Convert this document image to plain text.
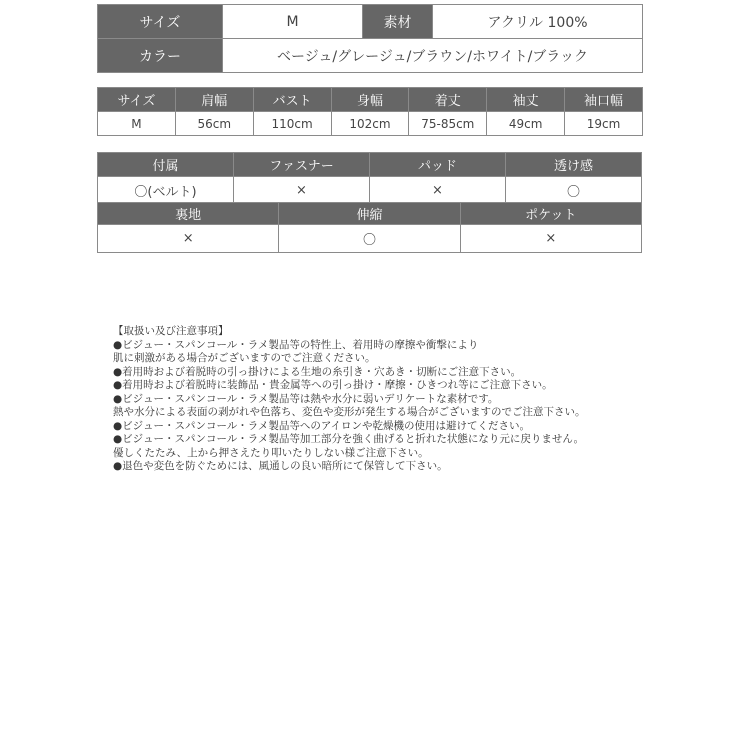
サイズ	M	素材	アクリル 100%
カラー	ベージュ/グレージュ/ブラウン/ホワイト/ブラック		
サイズ	肩幅	バスト	身幅	着丈	袖丈	袖口幅
M	56cm	110cm	102cm	75-85cm	49cm	19cm
付属	ファスナー	パッド	透け感
〇(ベルト)	×	×	〇
裏地	伸縮	ポケット
×	〇	×
【取扱い及び注意事項】
●ビジュー・スパンコール・ラメ製品等の特性上、着用時の摩擦や衝撃により
肌に刺激がある場合がございますのでご注意ください。
●着用時および着脱時の引っ掛けによる生地の糸引き・穴あき・切断にご注意下さい。
●着用時および着脱時に装飾品・貴金属等への引っ掛け・摩擦・ひきつれ等にご注意下さい。
●ビジュー・スパンコール・ラメ製品等は熱や水分に弱いデリケートな素材です。
熱や水分による表面の剥がれや色落ち、変色や変形が発生する場合がございますのでご注意下さい。
●ビジュー・スパンコール・ラメ製品等へのアイロンや乾燥機の使用は避けてください。
●ビジュー・スパンコール・ラメ製品等加工部分を強く曲げると折れた状態になり元に戻りません。
優しくたたみ、上から押さえたり叩いたりしない様ご注意下さい。
●退色や変色を防ぐためには、風通しの良い暗所にて保管して下さい。
